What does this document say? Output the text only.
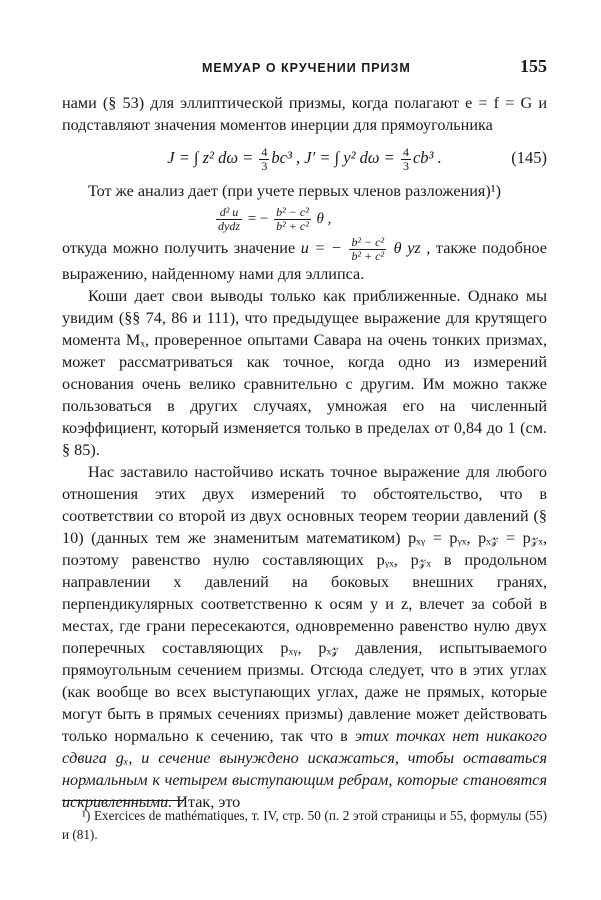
МЕМУАР О КРУЧЕНИИ ПРИЗМ	155

нами (§ 53) для эллиптической призмы, когда полагают e = f = G и подставляют значения моментов инерции для прямоугольника

J = ∫ z² $d\omega = \frac{4}{3} bc^3$ , J′ = ∫ y² $d\omega = \frac{4}{3} cb^3$ .	(145)

Тот же анализ дает (при учете первых членов разложения)¹)

$\frac{\text{d² u}}{\text{dydz}}$ = − $\frac{\text{b² − c²}}{\text{b² + c²}}$ θ ,

откуда можно получить значение u = − $\frac{\text{b² − c²}}{\text{b² + c²}}$ θ yz , также подобное выражению, найденному нами для эллипса.

Коши дает свои выводы только как приближенные. Однако мы увидим (§§ 74, 86 и 111), что предыдущее выражение для крутящего момента Mₓ, проверенное опытами Савара на очень тонких призмах, может рассматриваться как точное, когда одно из измерений основания очень велико сравнительно с другим. Им можно также пользоваться в других случаях, умножая его на численный коэффициент, который изменяется только в пределах от 0,84 до 1 (см. § 85).

Нас заставило настойчиво искать точное выражение для любого отношения этих двух измерений то обстоятельство, что в соответствии со второй из двух основных теорем теории давлений (§ 10) (данных тем же знаменитым математиком) pₓᵧ = pᵧₓ, pₓ𝓏 = p𝓏ₓ, поэтому равенство нулю составляющих pᵧₓ, p𝓏ₓ в продольном направлении x давлений на боковых внешних гранях, перпендикулярных соответственно к осям y и z, влечет за собой в местах, где грани пересекаются, одновременно равенство нулю двух поперечных составляющих pₓᵧ, pₓ𝓏 давления, испытываемого прямоугольным сечением призмы. Отсюда следует, что в этих углах (как вообще во всех выступающих углах, даже не прямых, которые могут быть в прямых сечениях призмы) давление может действовать только нормально к сечению, так что в этих точках нет никакого сдвига gₓ, и сечение вынуждено искажаться, чтобы оставаться нормальным к четырем выступающим ребрам, которые становятся искривленными. Итак, это

¹) Exercices de mathématiques, т. IV, стр. 50 (п. 2 этой страницы и 55, формулы (55) и (81).
